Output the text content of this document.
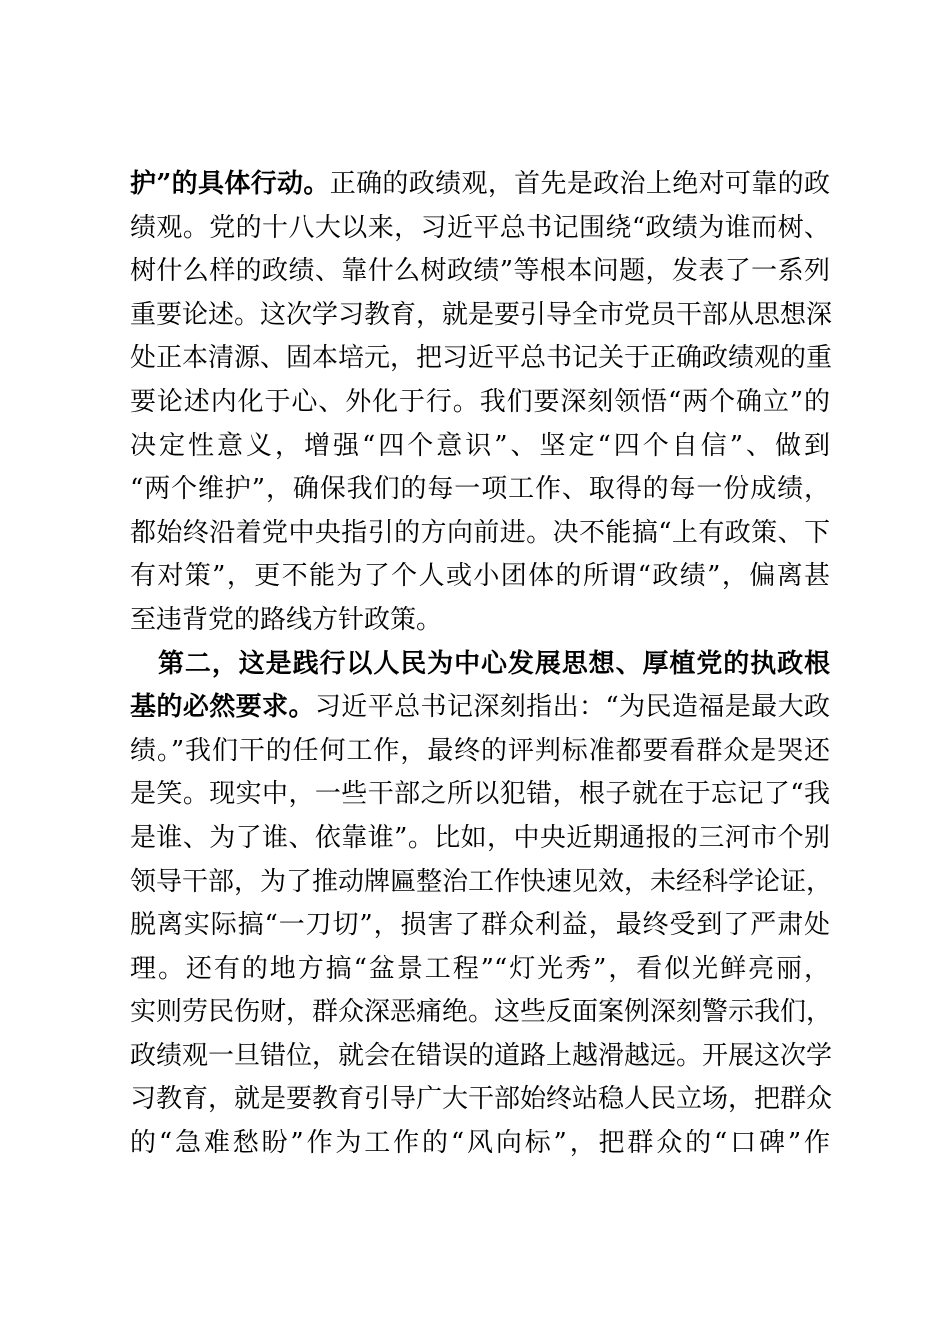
护”的具体行动。正确的政绩观，首先是政治上绝对可靠的政
绩观。党的十八大以来，习近平总书记围绕“政绩为谁而树、
树什么样的政绩、靠什么树政绩”等根本问题，发表了一系列
重要论述。这次学习教育，就是要引导全市党员干部从思想深
处正本清源、固本培元，把习近平总书记关于正确政绩观的重
要论述内化于心、外化于行。我们要深刻领悟“两个确立”的
决定性意义，增强“四个意识”、坚定“四个自信”、做到
“两个维护”，确保我们的每一项工作、取得的每一份成绩，
都始终沿着党中央指引的方向前进。决不能搞“上有政策、下
有对策”，更不能为了个人或小团体的所谓“政绩”，偏离甚
至违背党的路线方针政策。
第二，这是践行以人民为中心发展思想、厚植党的执政根
基的必然要求。习近平总书记深刻指出：“为民造福是最大政
绩。”我们干的任何工作，最终的评判标准都要看群众是哭还
是笑。现实中，一些干部之所以犯错，根子就在于忘记了“我
是谁、为了谁、依靠谁”。比如，中央近期通报的三河市个别
领导干部，为了推动牌匾整治工作快速见效，未经科学论证，
脱离实际搞“一刀切”，损害了群众利益，最终受到了严肃处
理。还有的地方搞“盆景工程”“灯光秀”，看似光鲜亮丽，
实则劳民伤财，群众深恶痛绝。这些反面案例深刻警示我们，
政绩观一旦错位，就会在错误的道路上越滑越远。开展这次学
习教育，就是要教育引导广大干部始终站稳人民立场，把群众
的“急难愁盼”作为工作的“风向标”，把群众的“口碑”作
